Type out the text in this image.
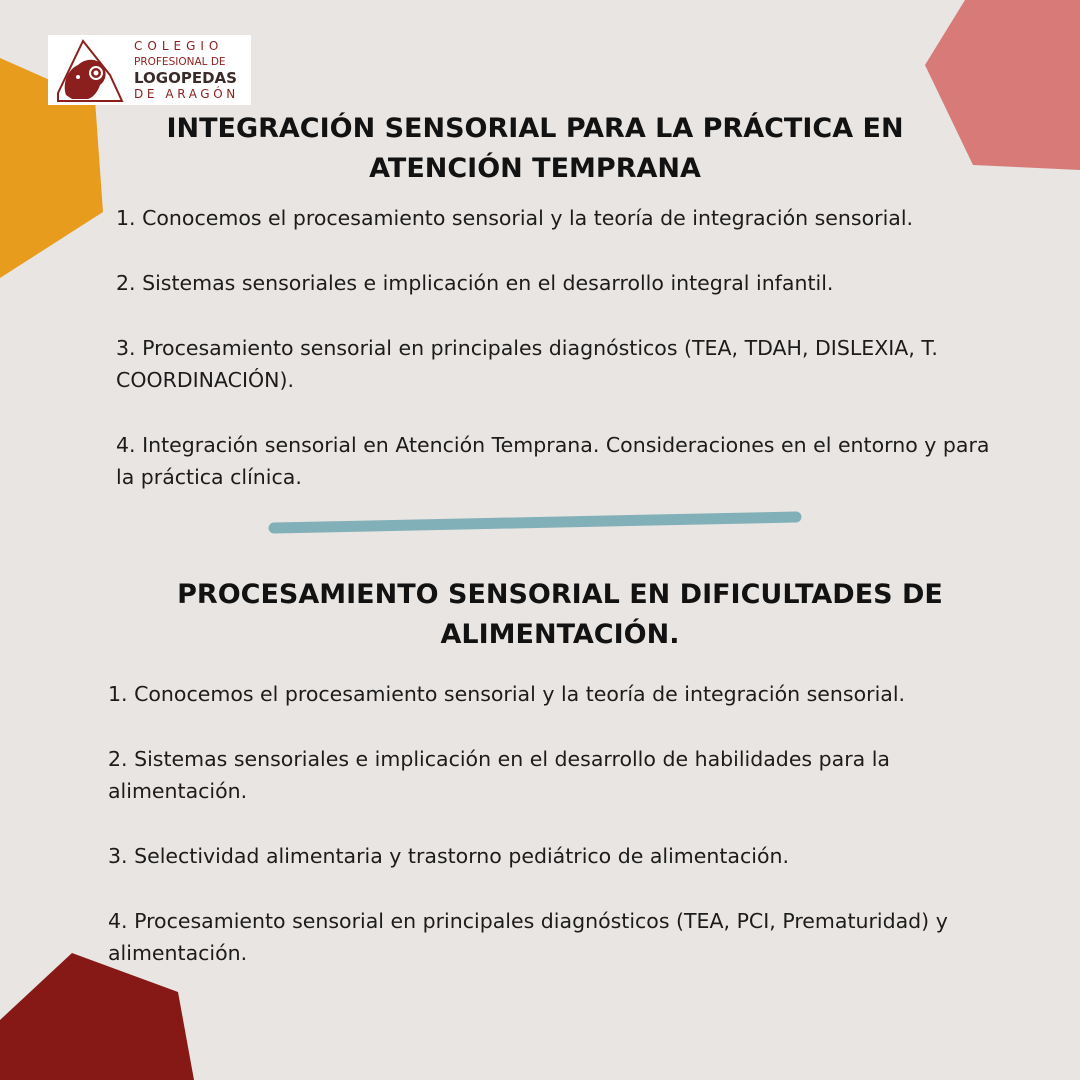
COLEGIO
PROFESIONAL DE
LOGOPEDAS
DE ARAGÓN
INTEGRACIÓN SENSORIAL PARA LA PRÁCTICA EN
ATENCIÓN TEMPRANA
1. Conocemos el procesamiento sensorial y la teoría de integración sensorial.
2. Sistemas sensoriales e implicación en el desarrollo integral infantil.
3. Procesamiento sensorial en principales diagnósticos (TEA, TDAH, DISLEXIA, T. COORDINACIÓN).
4. Integración sensorial en Atención Temprana. Consideraciones en el entorno y para la práctica clínica.
PROCESAMIENTO SENSORIAL EN DIFICULTADES DE
ALIMENTACIÓN.
1. Conocemos el procesamiento sensorial y la teoría de integración sensorial.
2. Sistemas sensoriales e implicación en el desarrollo de habilidades para la alimentación.
3. Selectividad alimentaria y trastorno pediátrico de alimentación.
4. Procesamiento sensorial en principales diagnósticos (TEA, PCI, Prematuridad) y alimentación.
